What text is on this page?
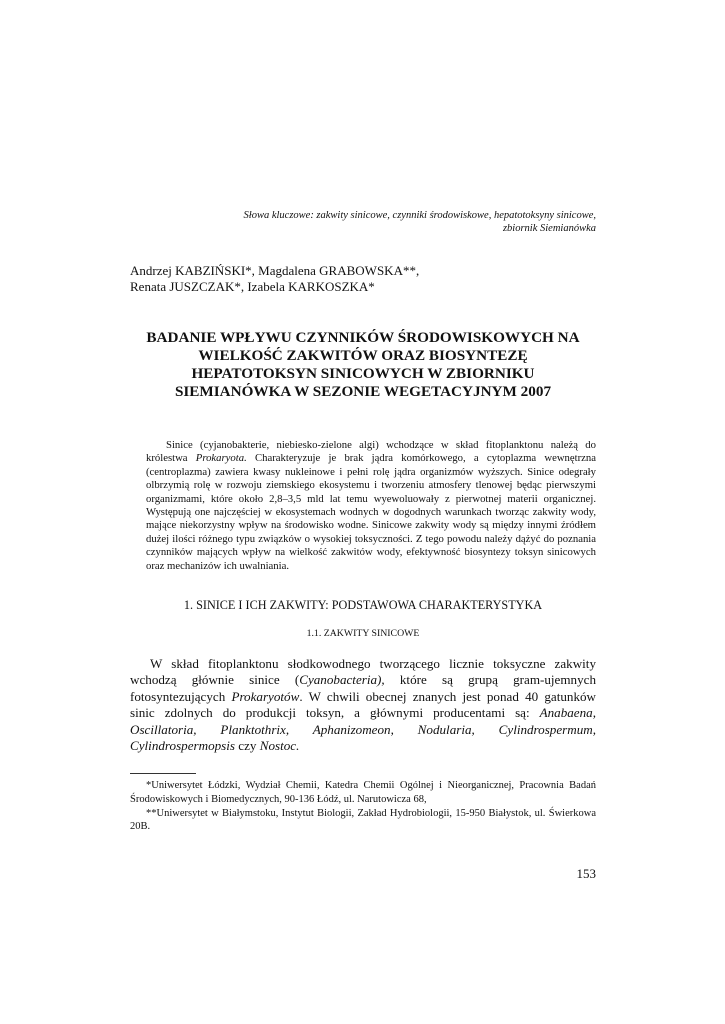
Słowa kluczowe: zakwity sinicowe, czynniki środowiskowe, hepatotoksyny sinicowe,
zbiornik Siemianówka
Andrzej KABZIŃSKI*, Magdalena GRABOWSKA**,
Renata JUSZCZAK*, Izabela KARKOSZKA*
BADANIE WPŁYWU CZYNNIKÓW ŚRODOWISKOWYCH NA
WIELKOŚĆ ZAKWITÓW ORAZ BIOSYNTEZĘ
HEPATOTOKSYN SINICOWYCH W ZBIORNIKU
SIEMIANÓWKA W SEZONIE WEGETACYJNYM 2007

Sinice (cyjanobakterie, niebiesko-zielone algi) wchodzące w skład fitoplanktonu należą do królestwa Prokaryota. Charakteryzuje je brak jądra komórkowego, a cytoplazma wewnętrzna (centroplazma) zawiera kwasy nukleinowe i pełni rolę jądra organizmów wyższych. Sinice odegrały olbrzymią rolę w rozwoju ziemskiego ekosystemu i tworzeniu atmosfery tlenowej będąc pierwszymi organizmami, które około 2,8–3,5 mld lat temu wyewoluowały z pierwotnej materii organicznej. Występują one najczęściej w ekosystemach wodnych w dogodnych warunkach tworząc zakwity wody, mające niekorzystny wpływ na środowisko wodne. Sinicowe zakwity wody są między innymi źródłem dużej ilości różnego typu związków o wysokiej toksyczności. Z tego powodu należy dążyć do poznania czynników mających wpływ na wielkość zakwitów wody, efektywność biosyntezy toksyn sinicowych oraz mechanizów ich uwalniania.

1. SINICE I ICH ZAKWITY: PODSTAWOWA CHARAKTERYSTYKA
1.1. ZAKWITY SINICOWE

W skład fitoplanktonu słodkowodnego tworzącego licznie toksyczne zakwity wchodzą głównie sinice (Cyanobacteria), które są grupą gram-ujemnych fotosyntezujących Prokaryotów. W chwili obecnej znanych jest ponad 40 gatunków sinic zdolnych do produkcji toksyn, a głównymi producentami są: Anabaena, Oscillatoria, Planktothrix, Aphanizomeon, Nodularia, Cylindrospermum, Cylindrospermopsis czy Nostoc.

*Uniwersytet Łódzki, Wydział Chemii, Katedra Chemii Ogólnej i Nieorganicznej, Pracownia Badań Środowiskowych i Biomedycznych, 90-136 Łódź, ul. Narutowicza 68,

**Uniwersytet w Białymstoku, Instytut Biologii, Zakład Hydrobiologii, 15-950 Białystok, ul. Świerkowa 20B.

153
